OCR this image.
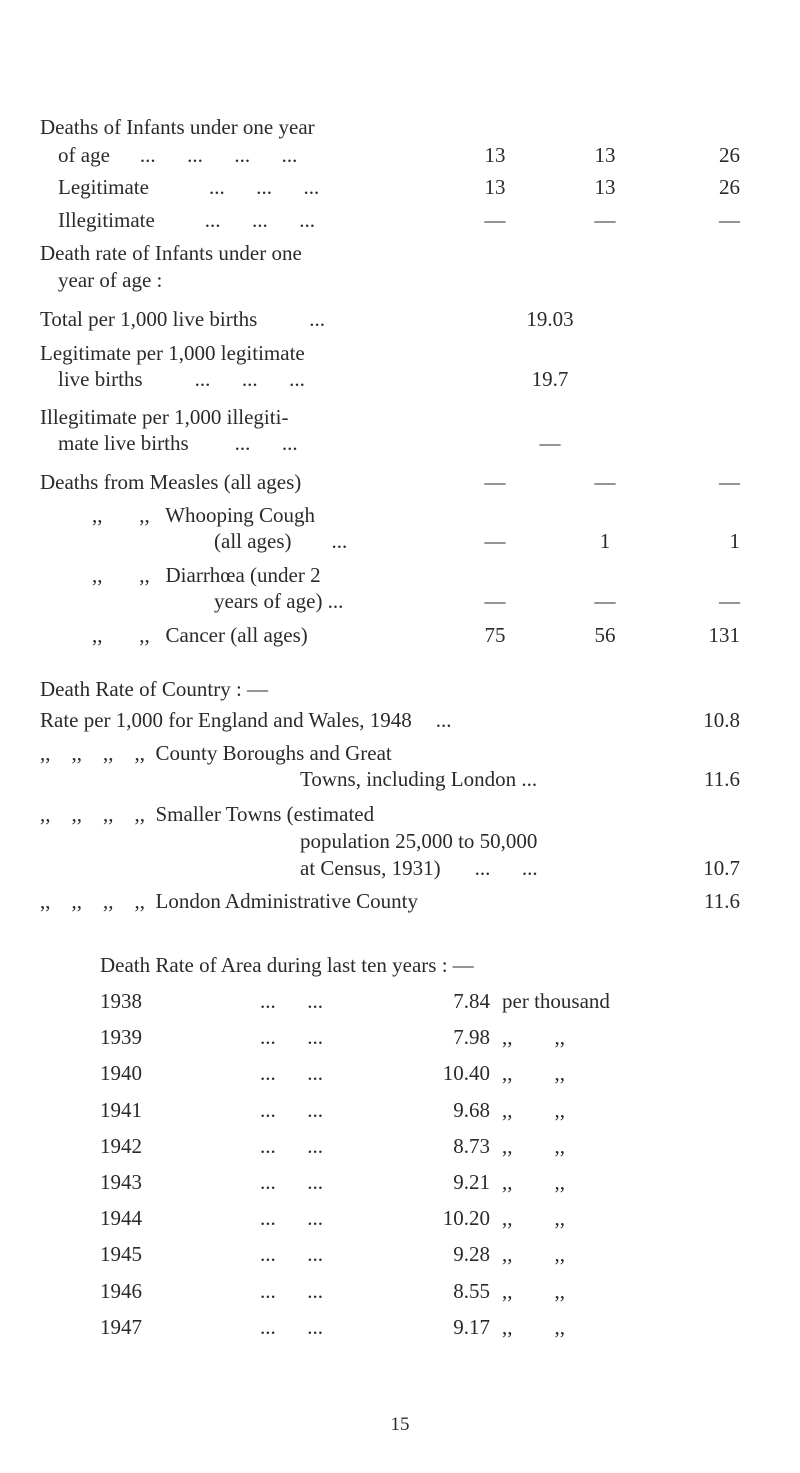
Deaths of Infants under one year
of age ...      ...      ...      ...	13	13	26
Legitimate	...      ...      ...	13	13	26
Illegitimate ...      ...      ...	—	—	—
Death rate of Infants under one
year of age :
Total per 1,000 live births ...	19.03
Legitimate per 1,000 legitimate
live births ...      ...      ...	19.7
Illegitimate per 1,000 illegiti-
mate live births ...      ...	—
Deaths from Measles (all ages)	—	—	—
,,       ,,   Whooping Cough
(all ages) ...	—	1	1
,,       ,,   Diarrhœa (under 2
years of age) ...	—	—	—
,,       ,,   Cancer (all ages)	75	56	131
Death Rate of Country : —
Rate per 1,000 for England and Wales, 1948 ...	10.8
,,    ,,    ,,    ,,  County Boroughs and Great
Towns, including London ...	11.6
,,    ,,    ,,    ,,  Smaller Towns (estimated
population 25,000 to 50,000
at Census, 1931) ...      ...	10.7
,,    ,,    ,,    ,,  London Administrative County	11.6
Death Rate of Area during last ten years : —
1938	...      ...	7.84 per thousand
1939	...      ...	7.98 ,,        ,,
1940	...      ...	10.40 ,,        ,,
1941	...      ...	9.68 ,,        ,,
1942	...      ...	8.73 ,,        ,,
1943	...      ...	9.21 ,,        ,,
1944	...      ...	10.20 ,,        ,,
1945	...      ...	9.28 ,,        ,,
1946	...      ...	8.55 ,,        ,,
1947	...      ...	9.17 ,,        ,,
15
